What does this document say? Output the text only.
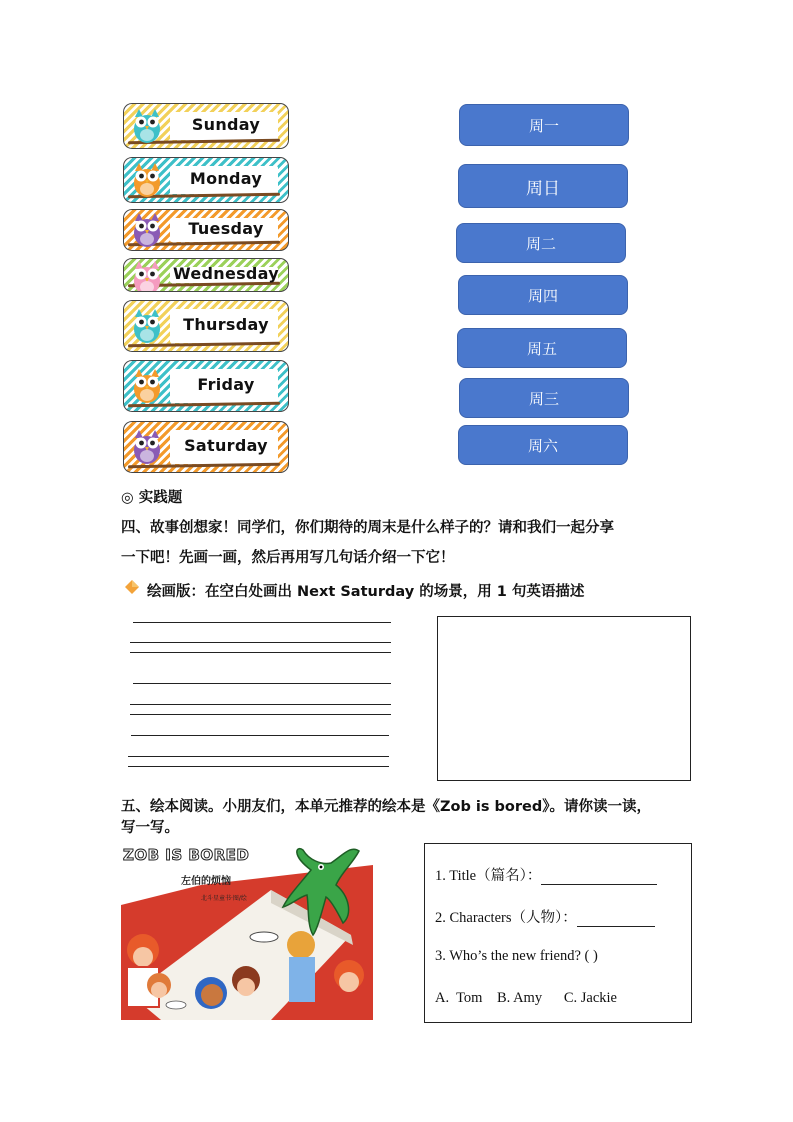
Sunday
Monday
Tuesday
Wednesday
Thursday
Friday
Saturday
周一
周日
周二
周四
周五
周三
周六
◎ 实践题
四、故事创想家！同学们，你们期待的周末是什么样子的？请和我们一起分享
一下吧！先画一画，然后再用写几句话介绍一下它！
绘画版：在空白处画出 Next Saturday 的场景，用 1 句英语描述
五、绘本阅读。小朋友们，本单元推荐的绘本是《Zob is bored》。请你读一读，
写一写。
ZOB IS BORED
左伯的烦恼
北斗星童书·图/绘
1. Title（篇名）：
2. Characters（人物）：
3. Who’s the new friend? ( )
A.  Tom    B. Amy      C. Jackie
